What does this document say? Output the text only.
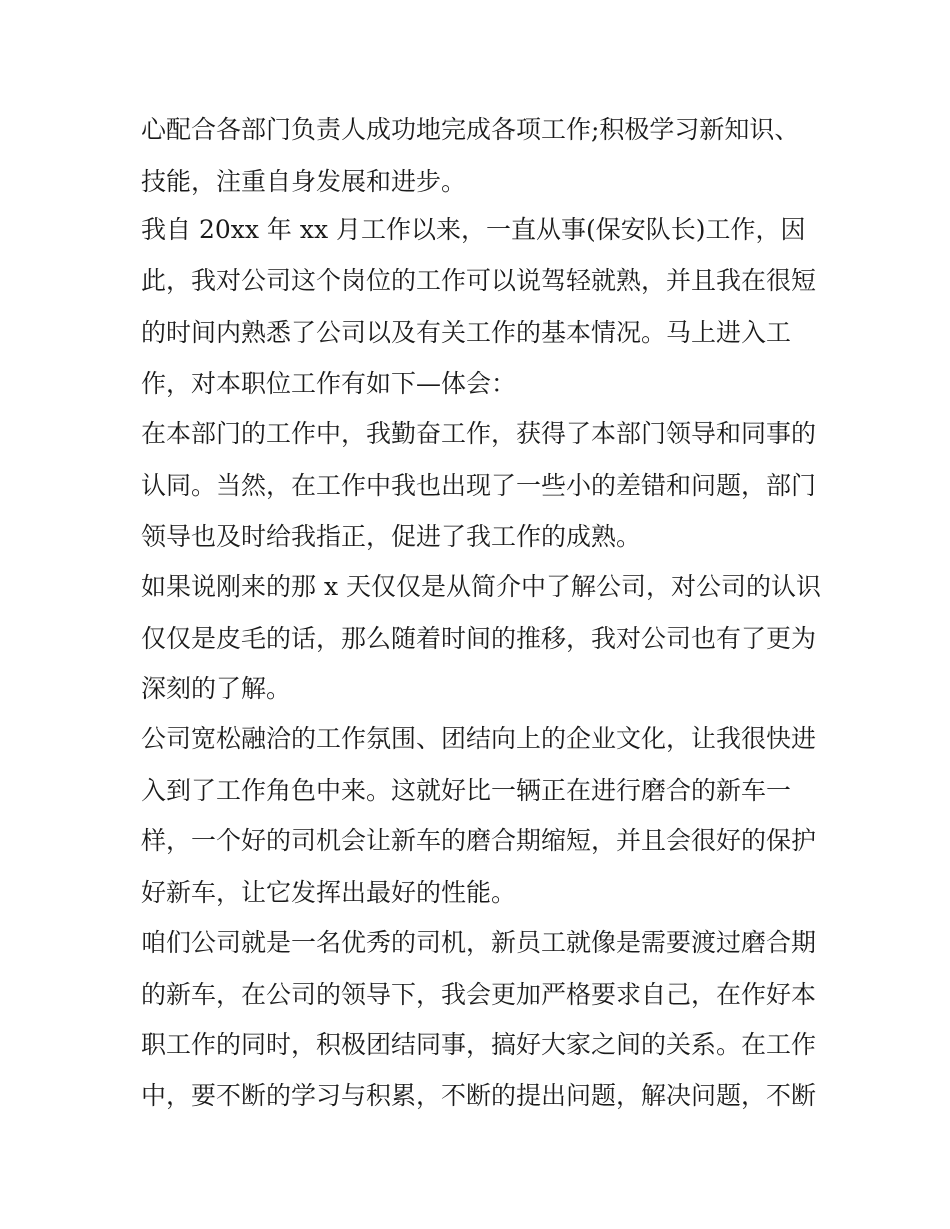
心配合各部门负责人成功地完成各项工作;积极学习新知识、
技能，注重自身发展和进步。
我自 20xx 年 xx 月工作以来，一直从事(保安队长)工作，因
此，我对公司这个岗位的工作可以说驾轻就熟，并且我在很短
的时间内熟悉了公司以及有关工作的基本情况。马上进入工
作，对本职位工作有如下—体会：
在本部门的工作中，我勤奋工作，获得了本部门领导和同事的
认同。当然，在工作中我也出现了一些小的差错和问题，部门
领导也及时给我指正，促进了我工作的成熟。
如果说刚来的那 x 天仅仅是从简介中了解公司，对公司的认识
仅仅是皮毛的话，那么随着时间的推移，我对公司也有了更为
深刻的了解。
公司宽松融洽的工作氛围、团结向上的企业文化，让我很快进
入到了工作角色中来。这就好比一辆正在进行磨合的新车一
样，一个好的司机会让新车的磨合期缩短，并且会很好的保护
好新车，让它发挥出最好的性能。
咱们公司就是一名优秀的司机，新员工就像是需要渡过磨合期
的新车，在公司的领导下，我会更加严格要求自己，在作好本
职工作的同时，积极团结同事，搞好大家之间的关系。在工作
中，要不断的学习与积累，不断的提出问题，解决问题，不断
